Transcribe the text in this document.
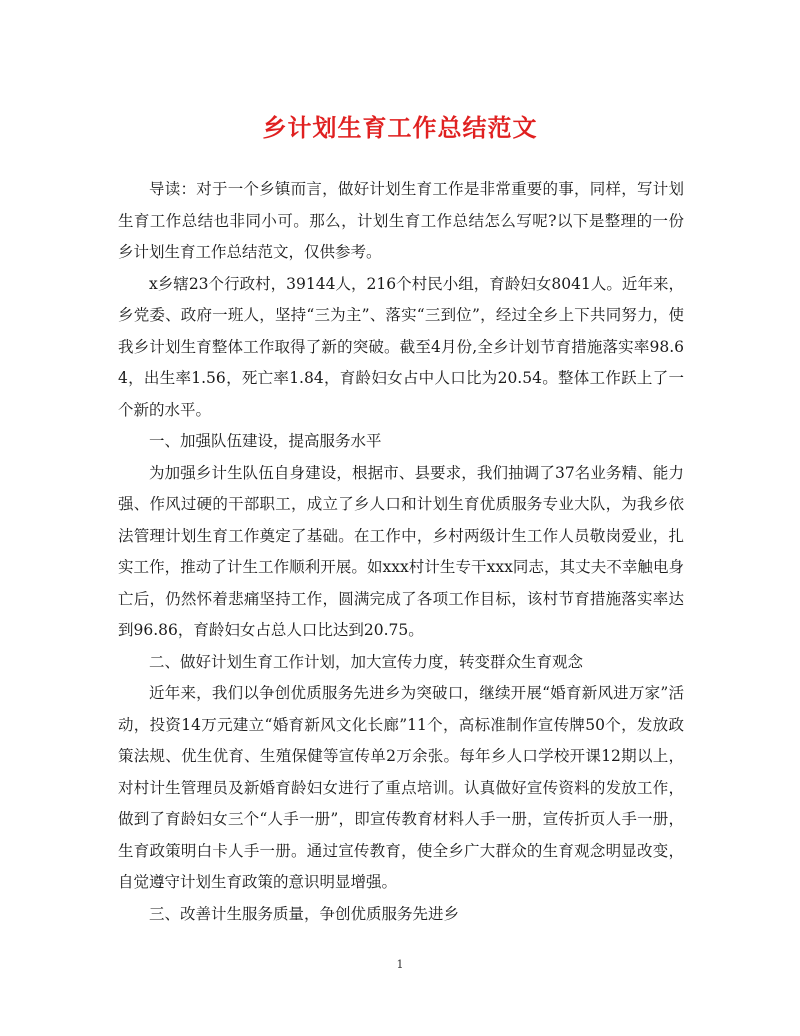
乡计划生育工作总结范文

导读：对于一个乡镇而言，做好计划生育工作是非常重要的事，同样，写计划生育工作总结也非同小可。那么，计划生育工作总结怎么写呢?以下是整理的一份乡计划生育工作总结范文，仅供参考。

x乡辖23个行政村，39144人，216个村民小组，育龄妇女8041人。近年来，乡党委、政府一班人，坚持“三为主”、落实“三到位”，经过全乡上下共同努力，使我乡计划生育整体工作取得了新的突破。截至4月份,全乡计划节育措施落实率98.64，出生率1.56，死亡率1.84，育龄妇女占中人口比为20.54。整体工作跃上了一个新的水平。

一、加强队伍建设，提高服务水平

为加强乡计生队伍自身建设，根据市、县要求，我们抽调了37名业务精、能力强、作风过硬的干部职工，成立了乡人口和计划生育优质服务专业大队，为我乡依法管理计划生育工作奠定了基础。在工作中，乡村两级计生工作人员敬岗爱业，扎实工作，推动了计生工作顺利开展。如xxx村计生专干xxx同志，其丈夫不幸触电身亡后，仍然怀着悲痛坚持工作，圆满完成了各项工作目标，该村节育措施落实率达到96.86，育龄妇女占总人口比达到20.75。

二、做好计划生育工作计划，加大宣传力度，转变群众生育观念

近年来，我们以争创优质服务先进乡为突破口，继续开展“婚育新风进万家”活动，投资14万元建立“婚育新风文化长廊”11个，高标准制作宣传牌50个，发放政策法规、优生优育、生殖保健等宣传单2万余张。每年乡人口学校开课12期以上，对村计生管理员及新婚育龄妇女进行了重点培训。认真做好宣传资料的发放工作，做到了育龄妇女三个“人手一册”，即宣传教育材料人手一册，宣传折页人手一册，生育政策明白卡人手一册。通过宣传教育，使全乡广大群众的生育观念明显改变，自觉遵守计划生育政策的意识明显增强。

三、改善计生服务质量，争创优质服务先进乡

1
